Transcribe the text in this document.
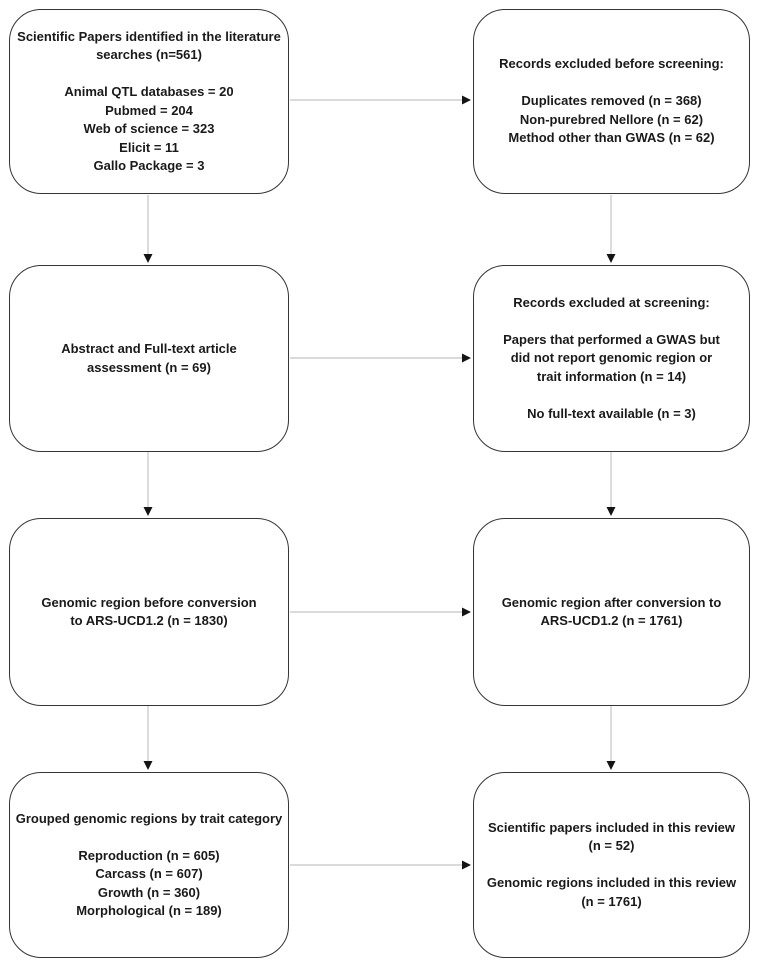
Scientific Papers identified in the literature
searches (n=561)
Animal QTL databases = 20
Pubmed = 204
Web of science = 323
Elicit = 11
Gallo Package = 3
Records excluded before screening:
Duplicates removed (n = 368)
Non-purebred Nellore (n = 62)
Method other than GWAS (n = 62)
Abstract and Full-text article
assessment (n = 69)
Records excluded at screening:
Papers that performed a GWAS but
did not report genomic region or
trait information (n = 14)
No full-text available (n = 3)
Genomic region before conversion
to ARS-UCD1.2 (n = 1830)
Genomic region after conversion to
ARS-UCD1.2 (n = 1761)
Grouped genomic regions by trait category
Reproduction (n = 605)
Carcass (n = 607)
Growth (n = 360)
Morphological (n = 189)
Scientific papers included in this review
(n = 52)
Genomic regions included in this review
(n = 1761)
